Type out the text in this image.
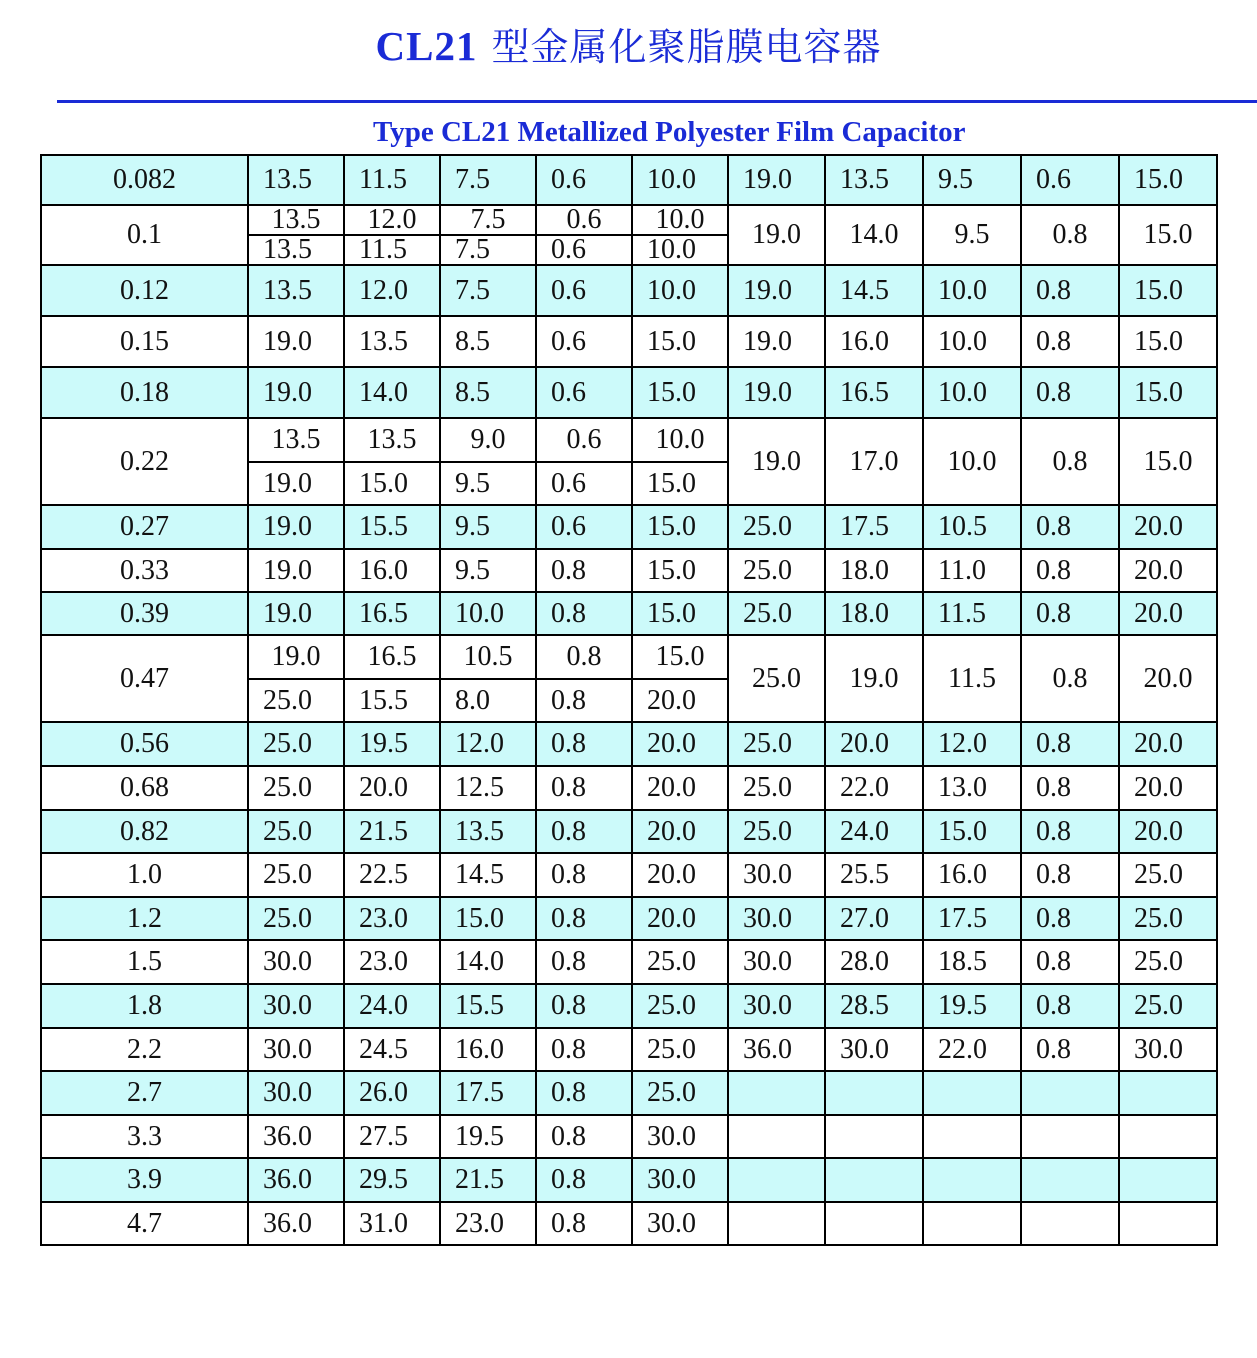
CL21 型金属化聚脂膜电容器
Type CL21 Metallized Polyester Film Capacitor
0.082	13.5	11.5	7.5	0.6	10.0	19.0	13.5	9.5	0.6	15.0
0.1	13.5	12.0	7.5	0.6	10.0	19.0	14.0	9.5	0.8	15.0
	13.5	11.5	7.5	0.6	10.0					
0.12	13.5	12.0	7.5	0.6	10.0	19.0	14.5	10.0	0.8	15.0
0.15	19.0	13.5	8.5	0.6	15.0	19.0	16.0	10.0	0.8	15.0
0.18	19.0	14.0	8.5	0.6	15.0	19.0	16.5	10.0	0.8	15.0
0.22	13.5	13.5	9.0	0.6	10.0	19.0	17.0	10.0	0.8	15.0
	19.0	15.0	9.5	0.6	15.0					
0.27	19.0	15.5	9.5	0.6	15.0	25.0	17.5	10.5	0.8	20.0
0.33	19.0	16.0	9.5	0.8	15.0	25.0	18.0	11.0	0.8	20.0
0.39	19.0	16.5	10.0	0.8	15.0	25.0	18.0	11.5	0.8	20.0
0.47	19.0	16.5	10.5	0.8	15.0	25.0	19.0	11.5	0.8	20.0
	25.0	15.5	8.0	0.8	20.0					
0.56	25.0	19.5	12.0	0.8	20.0	25.0	20.0	12.0	0.8	20.0
0.68	25.0	20.0	12.5	0.8	20.0	25.0	22.0	13.0	0.8	20.0
0.82	25.0	21.5	13.5	0.8	20.0	25.0	24.0	15.0	0.8	20.0
1.0	25.0	22.5	14.5	0.8	20.0	30.0	25.5	16.0	0.8	25.0
1.2	25.0	23.0	15.0	0.8	20.0	30.0	27.0	17.5	0.8	25.0
1.5	30.0	23.0	14.0	0.8	25.0	30.0	28.0	18.5	0.8	25.0
1.8	30.0	24.0	15.5	0.8	25.0	30.0	28.5	19.5	0.8	25.0
2.2	30.0	24.5	16.0	0.8	25.0	36.0	30.0	22.0	0.8	30.0
2.7	30.0	26.0	17.5	0.8	25.0					
3.3	36.0	27.5	19.5	0.8	30.0					
3.9	36.0	29.5	21.5	0.8	30.0					
4.7	36.0	31.0	23.0	0.8	30.0					
